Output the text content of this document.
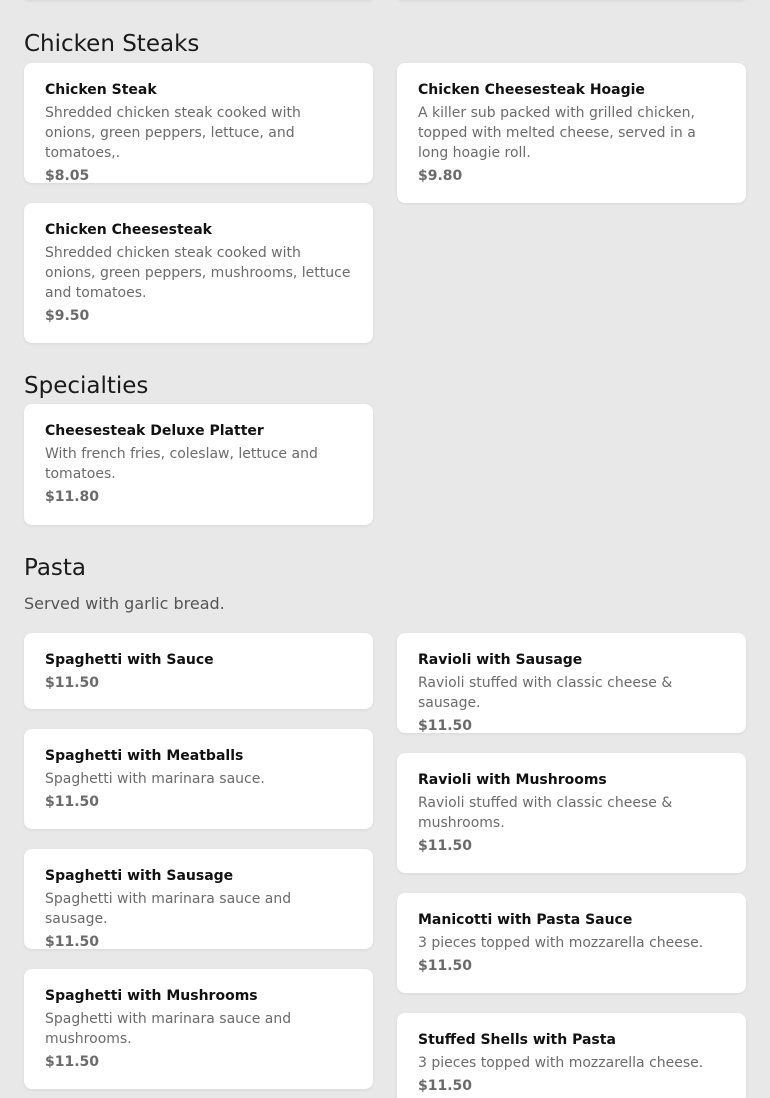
Chicken Steaks
Chicken Steak
Shredded chicken steak cooked with onions, green peppers, lettuce, and tomatoes,.
$8.05
Chicken Cheesesteak Hoagie
A killer sub packed with grilled chicken, topped with melted cheese, served in a long hoagie roll.
$9.80
Chicken Cheesesteak
Shredded chicken steak cooked with onions, green peppers, mushrooms, lettuce and tomatoes.
$9.50
Specialties
Cheesesteak Deluxe Platter
With french fries, coleslaw, lettuce and tomatoes.
$11.80
Pasta
Served with garlic bread.
Spaghetti with Sauce
$11.50
Ravioli with Sausage
Ravioli stuffed with classic cheese & sausage.
$11.50
Spaghetti with Meatballs
Spaghetti with marinara sauce.
$11.50
Ravioli with Mushrooms
Ravioli stuffed with classic cheese & mushrooms.
$11.50
Spaghetti with Sausage
Spaghetti with marinara sauce and sausage.
$11.50
Manicotti with Pasta Sauce
3 pieces topped with mozzarella cheese.
$11.50
Spaghetti with Mushrooms
Spaghetti with marinara sauce and mushrooms.
$11.50
Stuffed Shells with Pasta
3 pieces topped with mozzarella cheese.
$11.50
